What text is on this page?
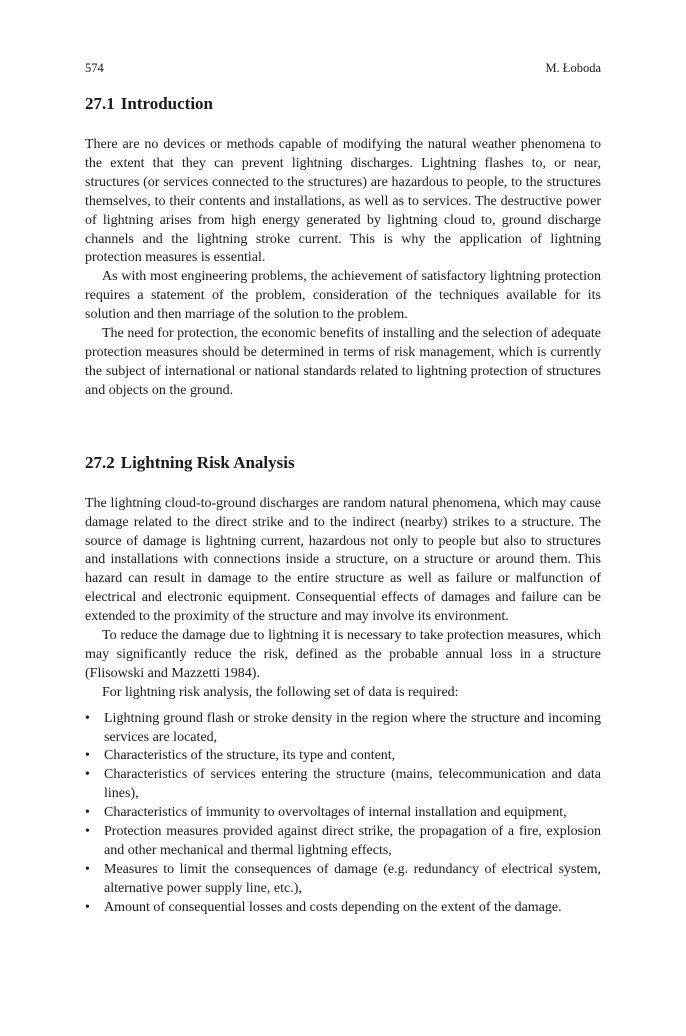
574	M. Łoboda
27.1 Introduction

There are no devices or methods capable of modifying the natural weather phenomena to the extent that they can prevent lightning discharges. Lightning flashes to, or near, structures (or services connected to the structures) are hazardous to people, to the structures themselves, to their contents and installations, as well as to services. The destructive power of lightning arises from high energy generated by lightning cloud to, ground discharge channels and the lightning stroke current. This is why the application of lightning protection measures is essential.

As with most engineering problems, the achievement of satisfactory lightning protection requires a statement of the problem, consideration of the techniques available for its solution and then marriage of the solution to the problem.

The need for protection, the economic benefits of installing and the selection of adequate protection measures should be determined in terms of risk management, which is currently the subject of international or national standards related to lightning protection of structures and objects on the ground.

27.2 Lightning Risk Analysis

The lightning cloud-to-ground discharges are random natural phenomena, which may cause damage related to the direct strike and to the indirect (nearby) strikes to a structure. The source of damage is lightning current, hazardous not only to people but also to structures and installations with connections inside a structure, on a structure or around them. This hazard can result in damage to the entire structure as well as failure or malfunction of electrical and electronic equipment. Consequential effects of damages and failure can be extended to the proximity of the structure and may involve its environment.

To reduce the damage due to lightning it is necessary to take protection measures, which may significantly reduce the risk, defined as the probable annual loss in a structure (Flisowski and Mazzetti 1984).

For lightning risk analysis, the following set of data is required:

• Lightning ground flash or stroke density in the region where the structure and incoming services are located,
• Characteristics of the structure, its type and content,
• Characteristics of services entering the structure (mains, telecommunication and data lines),
• Characteristics of immunity to overvoltages of internal installation and equipment,
• Protection measures provided against direct strike, the propagation of a fire, explosion and other mechanical and thermal lightning effects,
• Measures to limit the consequences of damage (e.g. redundancy of electrical system, alternative power supply line, etc.),
• Amount of consequential losses and costs depending on the extent of the damage.
